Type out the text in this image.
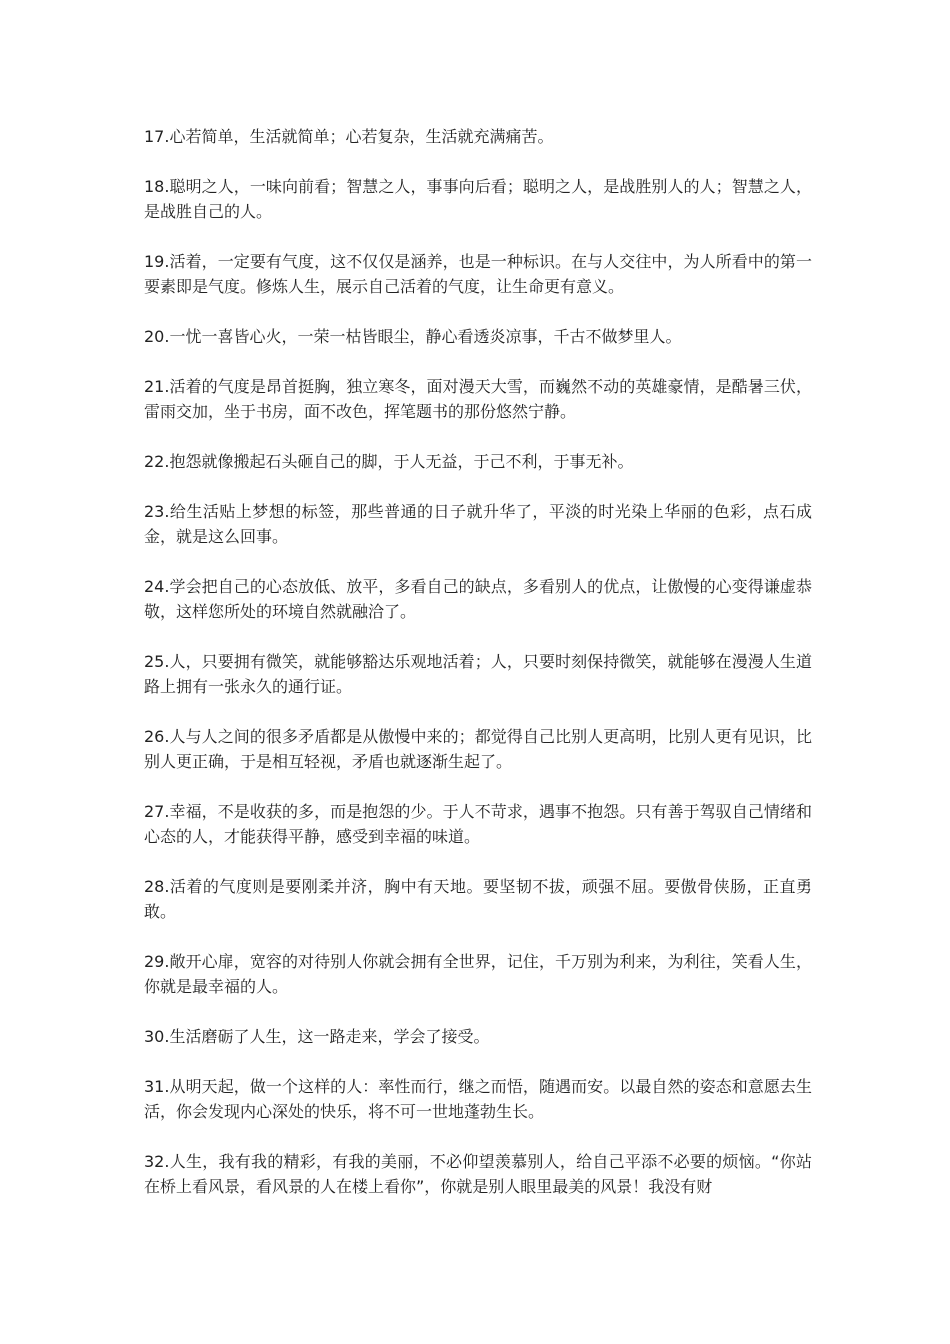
17.心若简单，生活就简单；心若复杂，生活就充满痛苦。

18.聪明之人，一味向前看；智慧之人，事事向后看；聪明之人，是战胜别人的人；智慧之人，是战胜自己的人。

19.活着，一定要有气度，这不仅仅是涵养，也是一种标识。在与人交往中，为人所看中的第一要素即是气度。修炼人生，展示自己活着的气度，让生命更有意义。

20.一忧一喜皆心火，一荣一枯皆眼尘，静心看透炎凉事，千古不做梦里人。

21.活着的气度是昂首挺胸，独立寒冬，面对漫天大雪，而巍然不动的英雄豪情，是酷暑三伏，雷雨交加，坐于书房，面不改色，挥笔题书的那份悠然宁静。

22.抱怨就像搬起石头砸自己的脚，于人无益，于己不利，于事无补。

23.给生活贴上梦想的标签，那些普通的日子就升华了，平淡的时光染上华丽的色彩，点石成金，就是这么回事。

24.学会把自己的心态放低、放平，多看自己的缺点，多看别人的优点，让傲慢的心变得谦虚恭敬，这样您所处的环境自然就融洽了。

25.人，只要拥有微笑，就能够豁达乐观地活着；人，只要时刻保持微笑，就能够在漫漫人生道路上拥有一张永久的通行证。

26.人与人之间的很多矛盾都是从傲慢中来的；都觉得自己比别人更高明，比别人更有见识，比别人更正确，于是相互轻视，矛盾也就逐渐生起了。

27.幸福，不是收获的多，而是抱怨的少。于人不苛求，遇事不抱怨。只有善于驾驭自己情绪和心态的人，才能获得平静，感受到幸福的味道。

28.活着的气度则是要刚柔并济，胸中有天地。要坚韧不拔，顽强不屈。要傲骨侠肠，正直勇敢。

29.敞开心扉，宽容的对待别人你就会拥有全世界，记住，千万别为利来，为利往，笑看人生，你就是最幸福的人。

30.生活磨砺了人生，这一路走来，学会了接受。

31.从明天起，做一个这样的人：率性而行，继之而悟，随遇而安。以最自然的姿态和意愿去生活，你会发现内心深处的快乐，将不可一世地蓬勃生长。

32.人生，我有我的精彩，有我的美丽，不必仰望羡慕别人，给自己平添不必要的烦恼。“你站在桥上看风景，看风景的人在楼上看你”，你就是别人眼里最美的风景！我没有财
